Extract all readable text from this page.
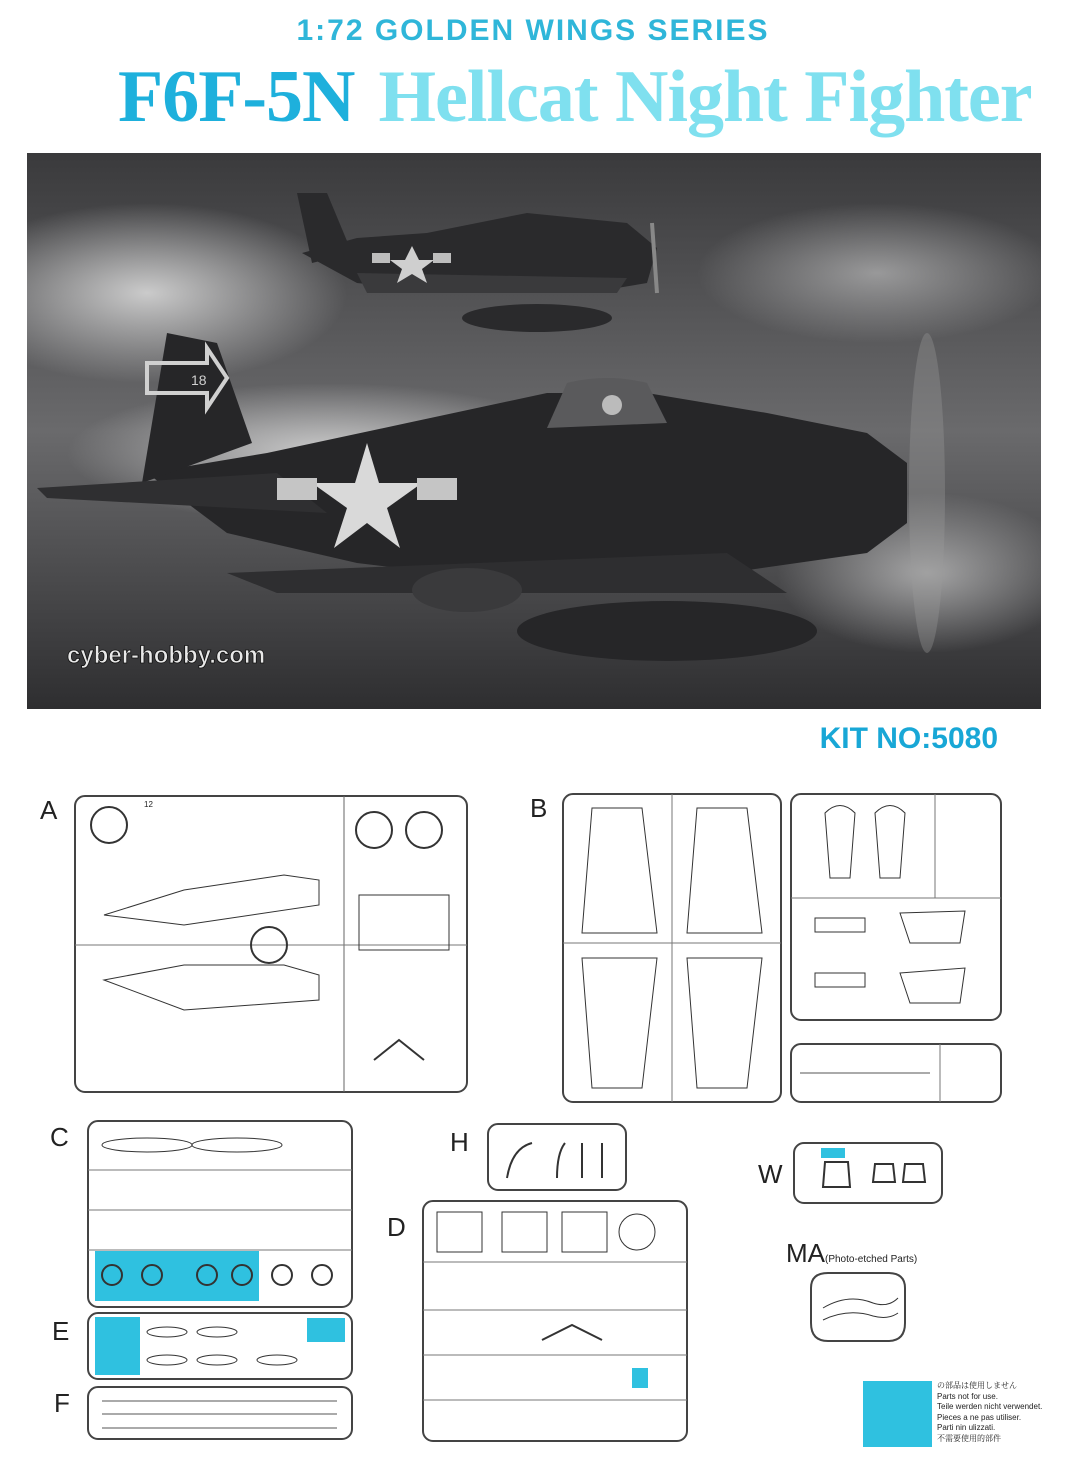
1:72 GOLDEN WINGS SERIES
F6F-5N Hellcat Night Fighter
18
cyber-hobby.com
KIT NO:5080
A	12	B
C
E
F
H
D
W
MA(Photo-etched Parts)
の部品は使用しません
Parts not for use.
Teile werden nicht verwendet.
Pieces a ne pas utiliser.
Parti nin ulizzati.
不需要使用的部件
